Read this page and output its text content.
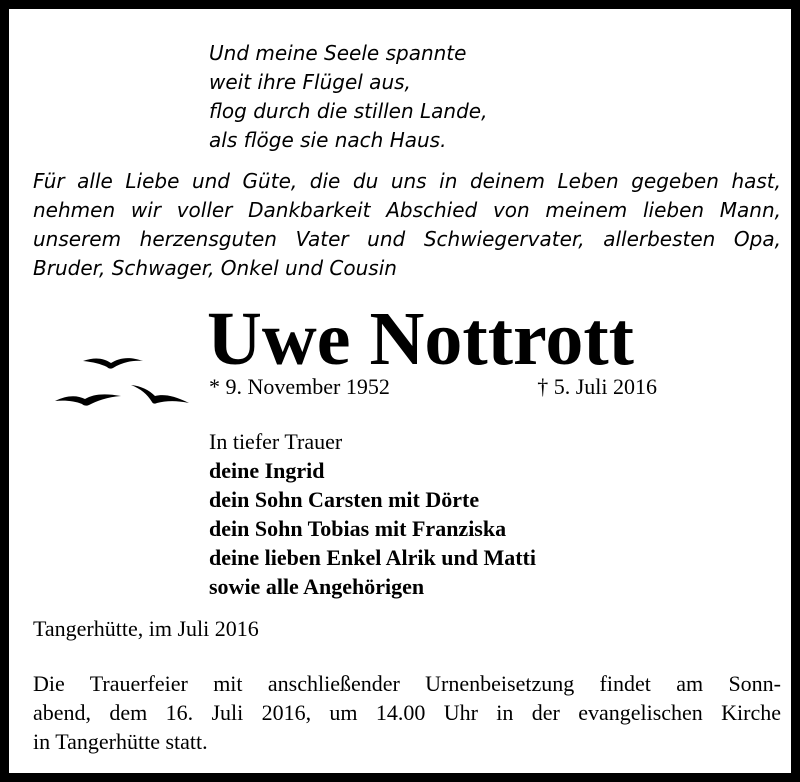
Und meine Seele spannte
weit ihre Flügel aus,
flog durch die stillen Lande,
als flöge sie nach Haus.
Für alle Liebe und Güte, die du uns in deinem Leben gegeben hast,
nehmen wir voller Dankbarkeit Abschied von meinem lieben Mann,
unserem herzensguten Vater und Schwiegervater, allerbesten Opa,
Bruder, Schwager, Onkel und Cousin
Uwe Nottrott
* 9. November 1952	† 5. Juli 2016
In tiefer Trauer
deine Ingrid
dein Sohn Carsten mit Dörte
dein Sohn Tobias mit Franziska
deine lieben Enkel Alrik und Matti
sowie alle Angehörigen
Tangerhütte, im Juli 2016
Die Trauerfeier mit anschließender Urnenbeisetzung findet am Sonn-
abend, dem 16. Juli 2016, um 14.00 Uhr in der evangelischen Kirche
in Tangerhütte statt.
